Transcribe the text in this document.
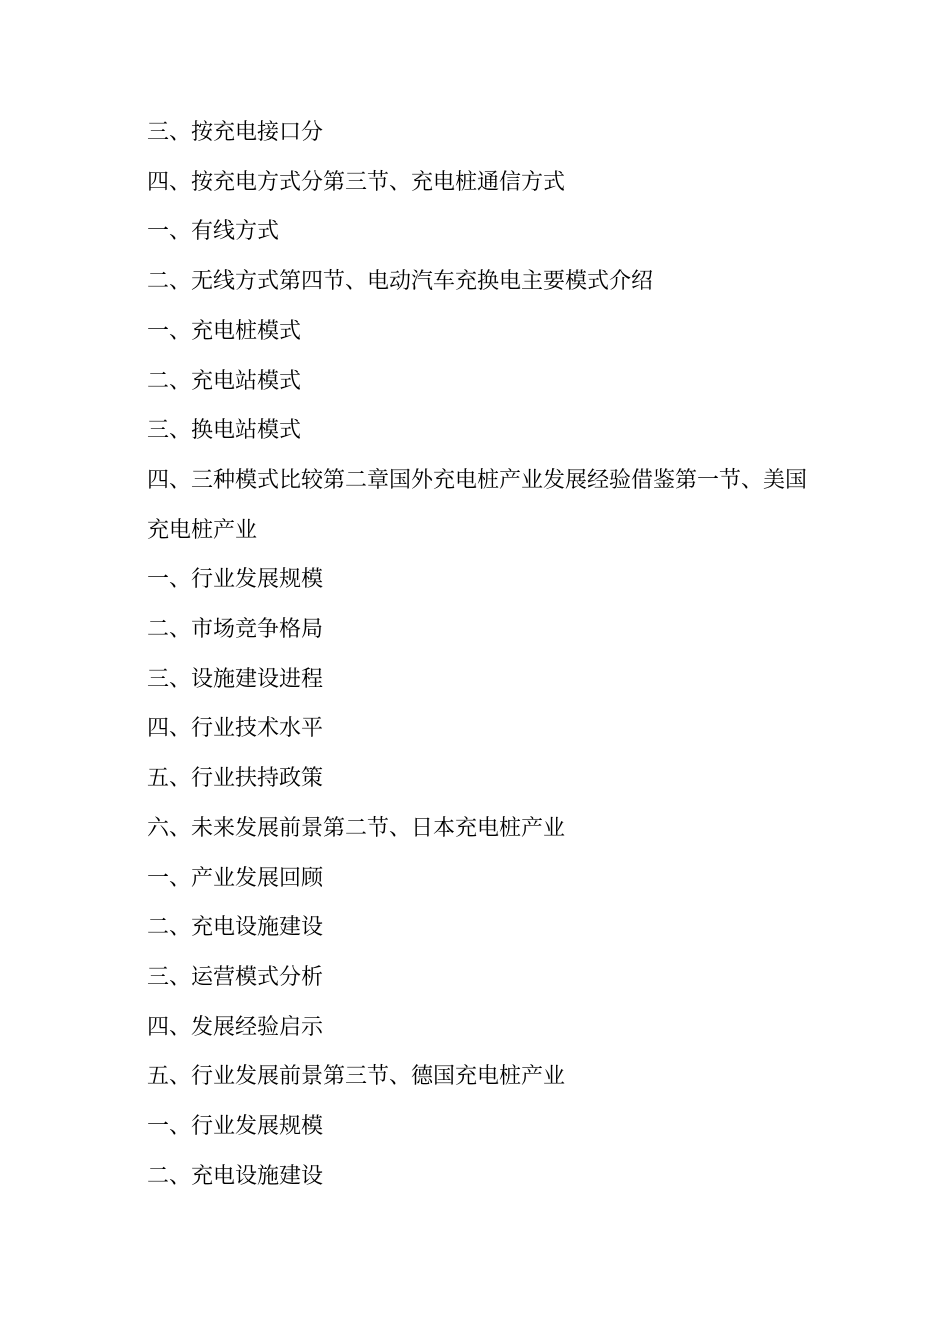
三、按充电接口分

四、按充电方式分第三节、充电桩通信方式

一、有线方式

二、无线方式第四节、电动汽车充换电主要模式介绍

一、充电桩模式

二、充电站模式

三、换电站模式

四、三种模式比较第二章国外充电桩产业发展经验借鉴第一节、美国

充电桩产业

一、行业发展规模

二、市场竞争格局

三、设施建设进程

四、行业技术水平

五、行业扶持政策

六、未来发展前景第二节、日本充电桩产业

一、产业发展回顾

二、充电设施建设

三、运营模式分析

四、发展经验启示

五、行业发展前景第三节、德国充电桩产业

一、行业发展规模

二、充电设施建设
